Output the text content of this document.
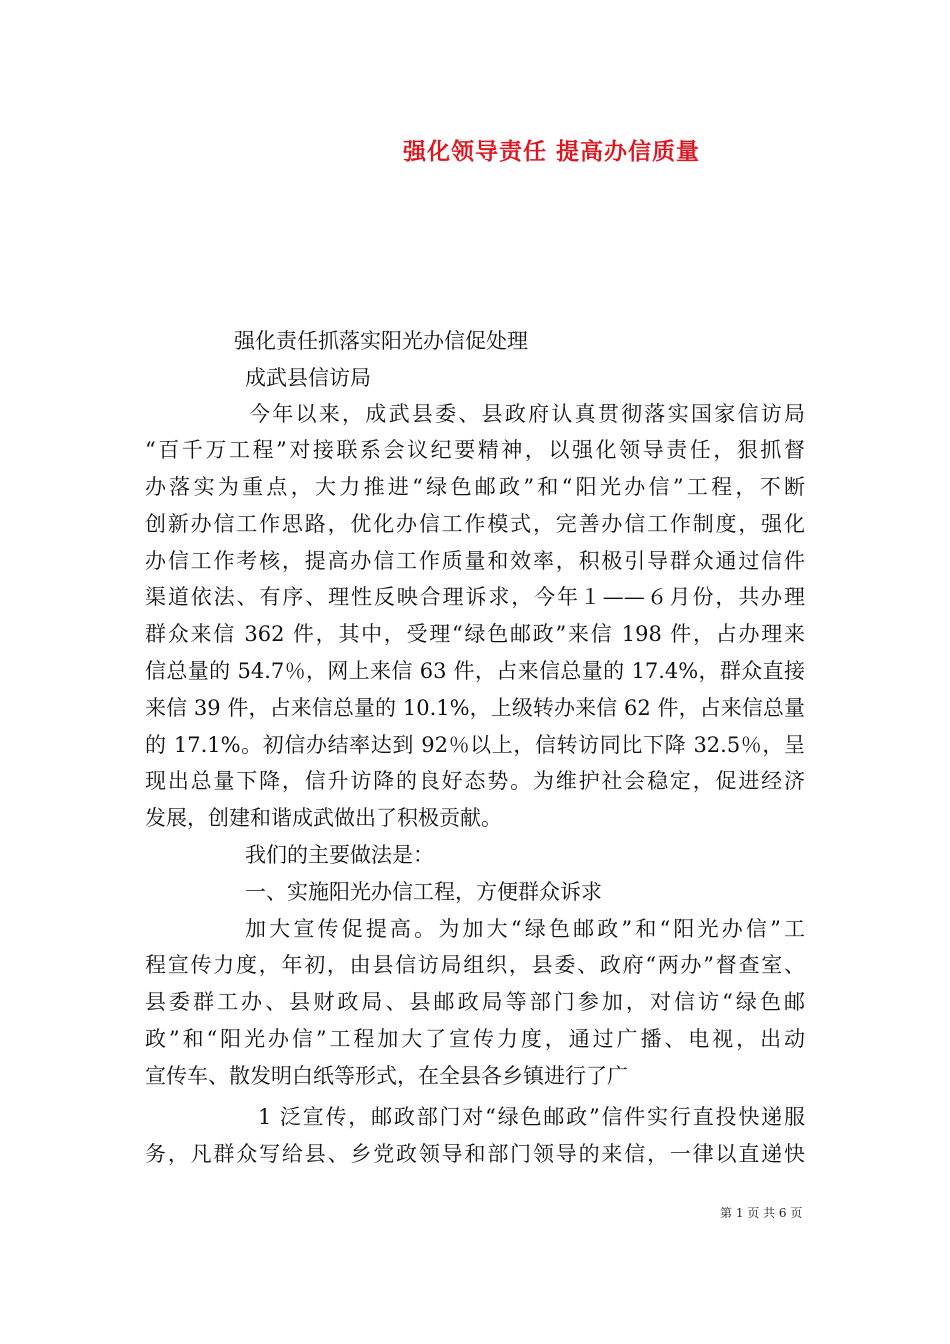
强化领导责任 提高办信质量

强化责任抓落实阳光办信促处理

成武县信访局

今年以来，成武县委、县政府认真贯彻落实国家信访局

“百千万工程”对接联系会议纪要精神，以强化领导责任，狠抓督

办落实为重点，大力推进“绿色邮政”和“阳光办信”工程，不断

创新办信工作思路，优化办信工作模式，完善办信工作制度，强化

办信工作考核，提高办信工作质量和效率，积极引导群众通过信件

渠道依法、有序、理性反映合理诉求，今年１——６月份，共办理

群众来信 362 件，其中，受理“绿色邮政”来信 198 件，占办理来

信总量的 54.7％，网上来信 63 件，占来信总量的 17.4%，群众直接

来信 39 件，占来信总量的 10.1%，上级转办来信 62 件，占来信总量

的 17.1%。初信办结率达到 92％以上，信转访同比下降 32.5％，呈

现出总量下降，信升访降的良好态势。为维护社会稳定，促进经济

发展，创建和谐成武做出了积极贡献。

我们的主要做法是：

一、实施阳光办信工程，方便群众诉求

加大宣传促提高。为加大“绿色邮政”和“阳光办信”工

程宣传力度，年初，由县信访局组织，县委、政府“两办”督查室、

县委群工办、县财政局、县邮政局等部门参加，对信访“绿色邮

政”和“阳光办信”工程加大了宣传力度，通过广播、电视，出动

宣传车、散发明白纸等形式，在全县各乡镇进行了广

1 泛宣传，邮政部门对“绿色邮政”信件实行直投快递服

务，凡群众写给县、乡党政领导和部门领导的来信，一律以直递快

第 1 页 共 6 页
